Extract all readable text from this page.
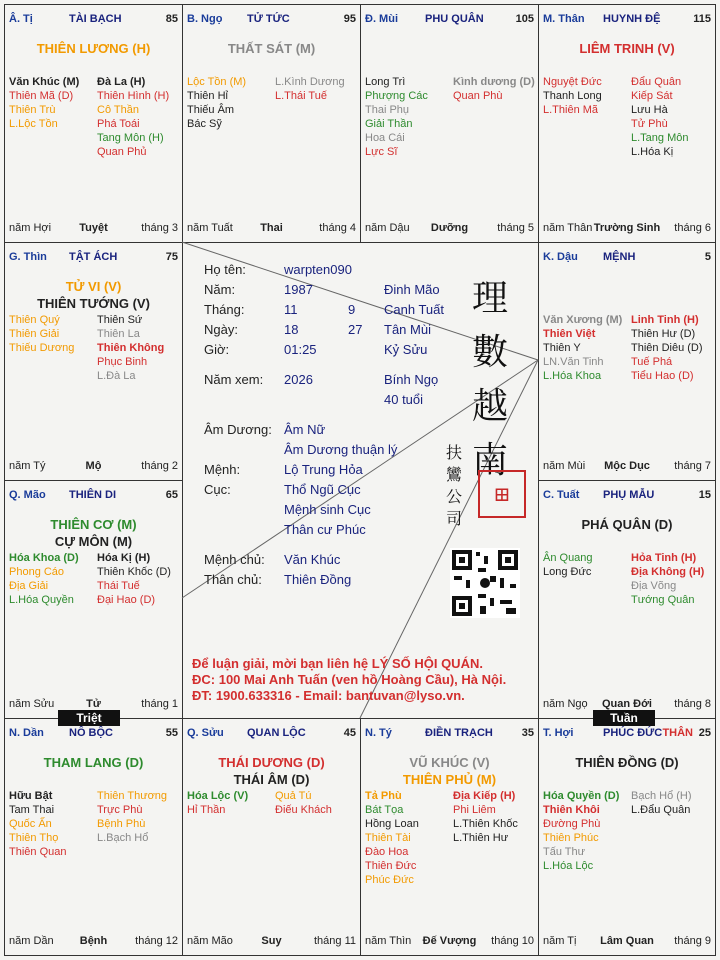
Â. Tị	TÀI BẠCH	85
THIÊN LƯƠNG (H)
Văn Khúc (M)
Thiên Mã (D)
Thiên Trù
L.Lộc Tồn
Đà La (H)
Thiên Hình (H)
Cô Thần
Phá Toái
Tang Môn (H)
Quan Phủ
năm Hợi	Tuyệt	tháng 3
B. Ngọ TỬ TỨC	95
THẤT SÁT (M)
Lộc Tồn (M)
Thiên Hỉ
Thiếu Âm
Bác Sỹ
L.Kình Dương
L.Thái Tuế
năm Tuất	Thai	tháng 4
Đ. Mùi PHU QUÂN	105
Long Trì
Phượng Các
Thai Phụ
Giải Thần
Hoa Cái
Lực Sĩ
Kình dương (D)
Quan Phù
năm Dậu	Dưỡng	tháng 5
M. Thân HUYNH ĐỆ	115
LIÊM TRINH (V)
Nguyệt Đức
Thanh Long
L.Thiên Mã
Đẩu Quân
Kiếp Sát
Lưu Hà
Tử Phù
L.Tang Môn
L.Hóa Kị
năm Thân Trường Sinh	tháng 6
G. Thìn TẬT ÁCH	75
TỬ VI (V)
THIÊN TƯỚNG (V)
Thiên Quý
Thiên Giải
Thiếu Dương
Thiên Sứ
Thiên La
Thiên Không
Phục Binh
L.Đà La
năm Tý	Mộ	tháng 2
K. Dậu MỆNH	5
Văn Xương (M)
Thiên Việt
Thiên Y
LN.Văn Tinh
L.Hóa Khoa
Linh Tinh (H)
Thiên Hư (D)
Thiên Diêu (D)
Tuế Phá
Tiểu Hao (D)
năm Mùi	Mộc Dục	tháng 7
Q. Mão THIÊN DI	65
THIÊN CƠ (M)
CỰ MÔN (M)
Hóa Khoa (D)
Phong Cáo
Địa Giải
L.Hóa Quyền
Hóa Kị (H)
Thiên Khốc (D)
Thái Tuế
Đại Hao (D)
năm Sửu	Tử	tháng 1
C. Tuất PHỤ MẪU	15
PHÁ QUÂN (D)
Ân Quang
Long Đức
Hỏa Tinh (H)
Địa Không (H)
Địa Võng
Tướng Quân
năm Ngọ	Quan Đới	tháng 8
N. Dần NÔ BỘC	55
THAM LANG (D)
Hữu Bật
Tam Thai
Quốc Ấn
Thiên Thọ
Thiên Quan
Thiên Thương
Trực Phù
Bệnh Phù
L.Bạch Hổ
năm Dần	Bệnh	tháng 12
Q. Sửu QUAN LỘC	45
THÁI DƯƠNG (D)
THÁI ÂM (D)
Hóa Lộc (V)
Hỉ Thần
Quả Tú
Điếu Khách
năm Mão	Suy	tháng 11
N. Tý	ĐIỀN TRẠCH	35
VŨ KHÚC (V)
THIÊN PHỦ (M)
Tả Phù
Bát Tọa
Hồng Loan
Thiên Tài
Đào Hoa
Thiên Đức
Phúc Đức
Địa Kiếp (H)
Phi Liêm
L.Thiên Khốc
L.Thiên Hư
năm Thìn	Đế Vượng	tháng 10
T. Hợi	PHÚC ĐỨC	25
THÂN
THIÊN ĐỒNG (D)
Hóa Quyền (D)
Thiên Khôi
Đường Phù
Thiên Phúc
Tấu Thư
L.Hóa Lộc
Bạch Hổ (H)
L.Đẩu Quân
năm Tị	Lâm Quan	tháng 9
Họ tên:	warpten090
Năm:	1987	Đinh Mão
Tháng:	11	9 Canh Tuất
Ngày:	18	27 Tân Mùi
Giờ:	01:25	Kỷ Sửu
Năm xem: 2026	Bính Ngọ
40 tuổi
Âm Dương: Âm Nữ
Âm Dương thuận lý
Mệnh:	Lộ Trung Hỏa
Cục:	Thổ Ngũ Cục
Mệnh sinh Cục
Thân cư Phúc
Mệnh chủ: Văn Khúc
Thân chủ: Thiên Đồng
理
數
越
南
扶
鸞
公
司
⊞
Để luận giải, mời bạn liên hệ LÝ SỐ HỘI QUÁN.
ĐC: 100 Mai Anh Tuấn (ven hồ Hoàng Cầu), Hà Nội.
ĐT: 1900.633316 - Email: bantuvan@lyso.vn.
Triệt	Tuần
